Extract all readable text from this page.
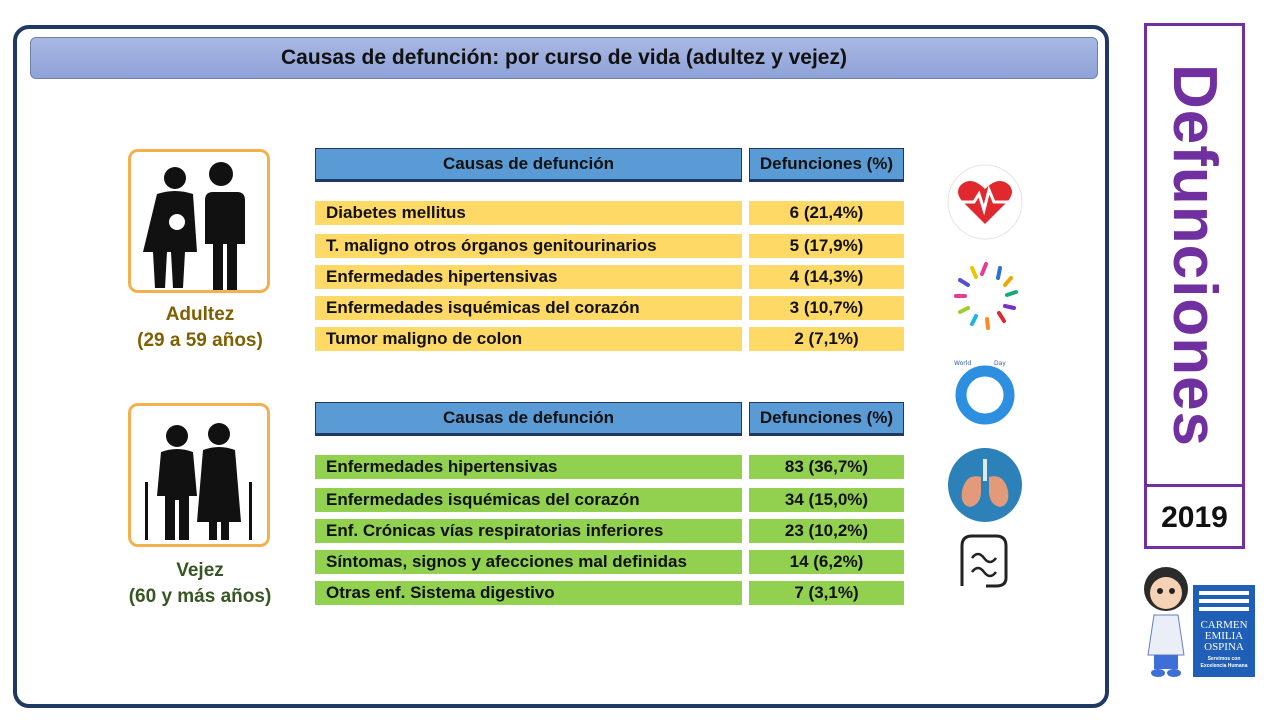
Causas de defunción: por curso de vida (adultez y vejez)
Defunciones
2019
Adultez
(29 a 59 años)
Vejez
(60 y más años)
Causas de defunción	Defunciones (%)
Diabetes mellitus	6 (21,4%)
T. maligno otros órganos genitourinarios	5 (17,9%)
Enfermedades hipertensivas	4 (14,3%)
Enfermedades isquémicas del corazón	3 (10,7%)
Tumor maligno de colon	2 (7,1%)
Causas de defunción	Defunciones (%)
Enfermedades hipertensivas	83 (36,7%)
Enfermedades isquémicas del corazón	34 (15,0%)
Enf. Crónicas vías respiratorias inferiores	23 (10,2%)
Síntomas, signos y afecciones mal definidas	14 (6,2%)
Otras enf. Sistema digestivo	7 (3,1%)
World	Day
CARMEN
EMILIA
OSPINA
Servimos con
Excelencia Humana
